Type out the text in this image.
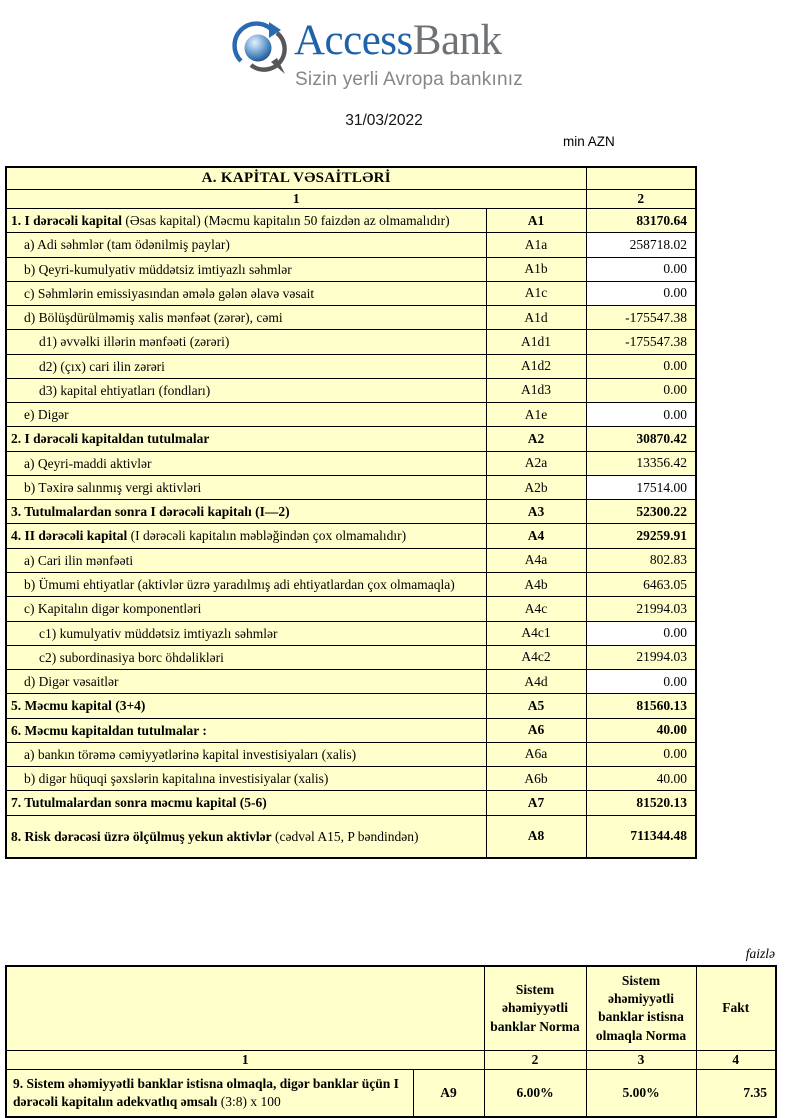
AccessBank
Sizin yerli Avropa bankınız
31/03/2022
min AZN
A. KAPİTAL VƏSAİTLƏRİ		
1		2
1. I dərəcəli kapital (Əsas kapital) (Məcmu kapitalın 50 faizdən az olmamalıdır)	A1	83170.64
a) Adi səhmlər (tam ödənilmiş paylar)	A1a	258718.02
b) Qeyri-kumulyativ müddətsiz imtiyazlı səhmlər	A1b	0.00
c) Səhmlərin emissiyasından əmələ gələn əlavə vəsait	A1c	0.00
d) Bölüşdürülməmiş xalis mənfəət (zərər), cəmi	A1d	-175547.38
d1) əvvəlki illərin mənfəəti (zərəri)	A1d1	-175547.38
d2) (çıx) cari ilin zərəri	A1d2	0.00
d3) kapital ehtiyatları (fondları)	A1d3	0.00
e) Digər	A1e	0.00
2. I dərəcəli kapitaldan tutulmalar	A2	30870.42
a) Qeyri-maddi aktivlər	A2a	13356.42
b) Təxirə salınmış vergi aktivləri	A2b	17514.00
3. Tutulmalardan sonra I dərəcəli kapitalı (I—2)	A3	52300.22
4. II dərəcəli kapital (I dərəcəli kapitalın məbləğindən çox olmamalıdır)	A4	29259.91
a) Cari ilin mənfəəti	A4a	802.83
b) Ümumi ehtiyatlar (aktivlər üzrə yaradılmış adi ehtiyatlardan çox olmamaqla)	A4b	6463.05
c) Kapitalın digər komponentləri	A4c	21994.03
c1) kumulyativ müddətsiz imtiyazlı səhmlər	A4c1	0.00
c2) subordinasiya borc öhdəlikləri	A4c2	21994.03
d) Digər vəsaitlər	A4d	0.00
5. Məcmu kapital (3+4)	A5	81560.13
6. Məcmu kapitaldan tutulmalar :	A6	40.00
a) bankın törəmə cəmiyyətlərinə kapital investisiyaları (xalis)	A6a	0.00
b) digər hüquqi şəxslərin kapitalına investisiyalar (xalis)	A6b	40.00
7. Tutulmalardan sonra məcmu kapital (5-6)	A7	81520.13
8. Risk dərəcəsi üzrə ölçülmuş yekun aktivlər (cədvəl A15, P bəndindən)	A8	711344.48
faizlə
		Sistem əhəmiyyətli banklar Norma	Sistem əhəmiyyətli banklar istisna olmaqla Norma	Fakt
1		2	3	4
9. Sistem əhəmiyyətli banklar istisna olmaqla, digər banklar üçün I dərəcəli kapitalın adekvatlıq əmsalı (3:8) x 100	A9	6.00%	5.00%	7.35
